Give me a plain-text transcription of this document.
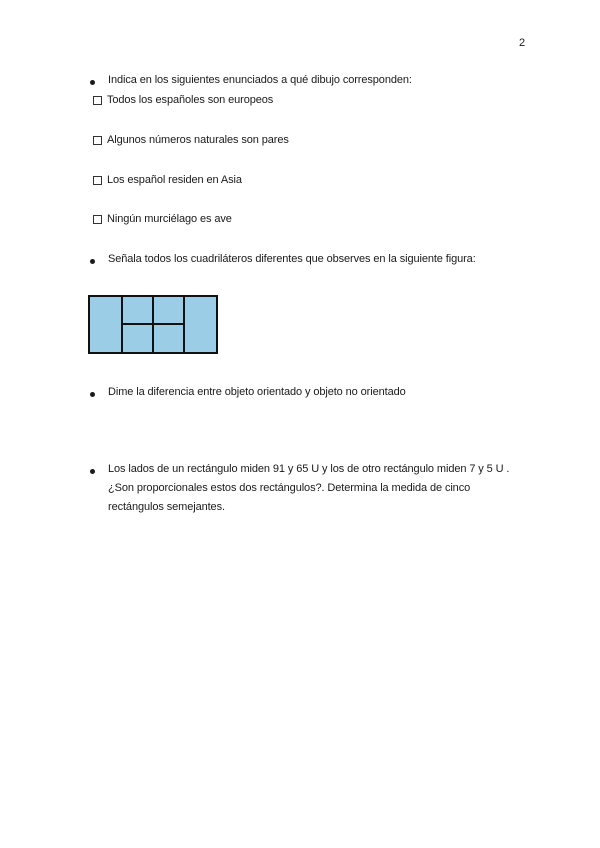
2
Indica en los siguientes enunciados a qué dibujo corresponden:
Todos los españoles son europeos
Algunos números naturales son pares
Los español residen en Asia
Ningún murciélago es ave
Señala todos los cuadriláteros diferentes que observes en la siguiente figura:
Dime la diferencia entre objeto orientado y objeto no orientado
Los lados de un rectángulo miden 91 y 65 U y los de otro rectángulo miden 7 y 5 U .
¿Son proporcionales estos dos rectángulos?. Determina la medida de cinco
rectángulos semejantes.
